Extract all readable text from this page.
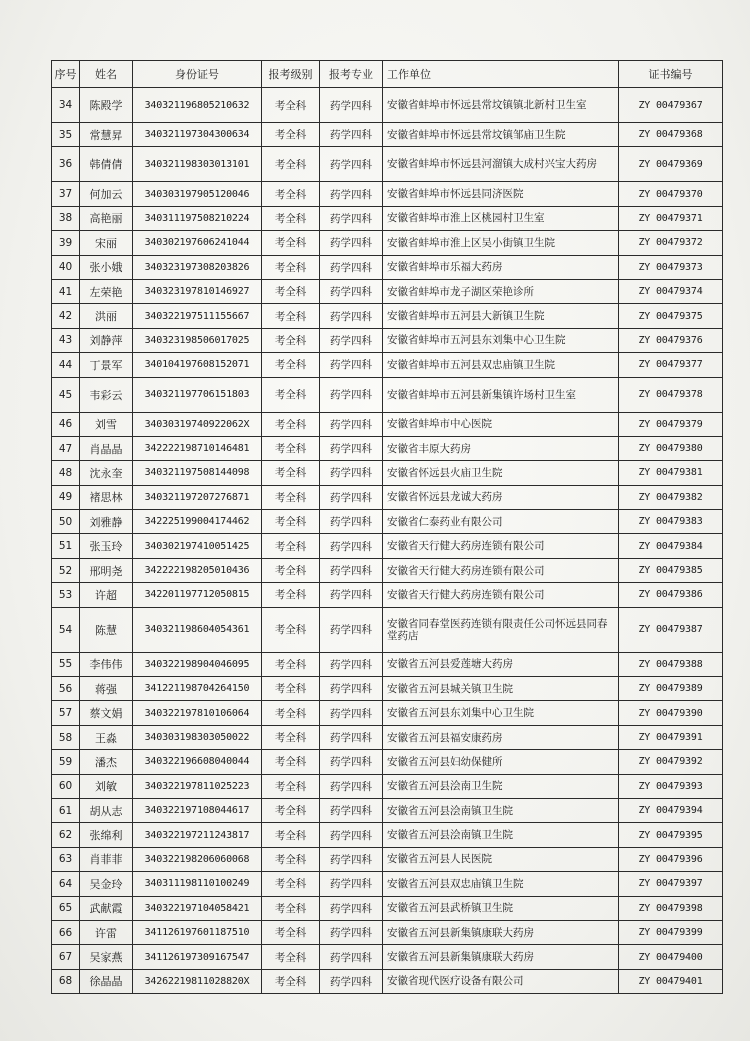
序号	姓名	身份证号	报考级别	报考专业	工作单位	证书编号
34	陈殿学	340321196805210632	考全科	药学四科	安徽省蚌埠市怀远县常坟镇镇北新村卫生室	ZY 00479367
35	常慧昇	340321197304300634	考全科	药学四科	安徽省蚌埠市怀远县常坟镇邹庙卫生院	ZY 00479368
36	韩倩倩	340321198303013101	考全科	药学四科	安徽省蚌埠市怀远县河溜镇大成村兴宝大药房	ZY 00479369
37	何加云	340303197905120046	考全科	药学四科	安徽省蚌埠市怀远县同济医院	ZY 00479370
38	高艳丽	340311197508210224	考全科	药学四科	安徽省蚌埠市淮上区桃园村卫生室	ZY 00479371
39	宋丽	340302197606241044	考全科	药学四科	安徽省蚌埠市淮上区吴小街镇卫生院	ZY 00479372
40	张小娥	340323197308203826	考全科	药学四科	安徽省蚌埠市乐福大药房	ZY 00479373
41	左荣艳	340323197810146927	考全科	药学四科	安徽省蚌埠市龙子湖区荣艳诊所	ZY 00479374
42	洪丽	340322197511155667	考全科	药学四科	安徽省蚌埠市五河县大新镇卫生院	ZY 00479375
43	刘静萍	340323198506017025	考全科	药学四科	安徽省蚌埠市五河县东刘集中心卫生院	ZY 00479376
44	丁景军	340104197608152071	考全科	药学四科	安徽省蚌埠市五河县双忠庙镇卫生院	ZY 00479377
45	韦彩云	340321197706151803	考全科	药学四科	安徽省蚌埠市五河县新集镇许场村卫生室	ZY 00479378
46	刘雪	34030319740922062X	考全科	药学四科	安徽省蚌埠市中心医院	ZY 00479379
47	肖晶晶	342222198710146481	考全科	药学四科	安徽省丰原大药房	ZY 00479380
48	沈永奎	340321197508144098	考全科	药学四科	安徽省怀远县火庙卫生院	ZY 00479381
49	褚思林	340321197207276871	考全科	药学四科	安徽省怀远县龙诚大药房	ZY 00479382
50	刘雅静	342225199004174462	考全科	药学四科	安徽省仁泰药业有限公司	ZY 00479383
51	张玉玲	340302197410051425	考全科	药学四科	安徽省天行健大药房连锁有限公司	ZY 00479384
52	邢明尧	342222198205010436	考全科	药学四科	安徽省天行健大药房连锁有限公司	ZY 00479385
53	许超	342201197712050815	考全科	药学四科	安徽省天行健大药房连锁有限公司	ZY 00479386
54	陈慧	340321198604054361	考全科	药学四科	安徽省同春堂医药连锁有限责任公司怀远县同春堂药店	ZY 00479387
55	李伟伟	340322198904046095	考全科	药学四科	安徽省五河县爱莲塘大药房	ZY 00479388
56	蒋强	341221198704264150	考全科	药学四科	安徽省五河县城关镇卫生院	ZY 00479389
57	蔡文娟	340322197810106064	考全科	药学四科	安徽省五河县东刘集中心卫生院	ZY 00479390
58	王淼	340303198303050022	考全科	药学四科	安徽省五河县福安康药房	ZY 00479391
59	潘杰	340322196608040044	考全科	药学四科	安徽省五河县妇幼保健所	ZY 00479392
60	刘敏	340322197811025223	考全科	药学四科	安徽省五河县浍南卫生院	ZY 00479393
61	胡从志	340322197108044617	考全科	药学四科	安徽省五河县浍南镇卫生院	ZY 00479394
62	张绵利	340322197211243817	考全科	药学四科	安徽省五河县浍南镇卫生院	ZY 00479395
63	肖菲菲	340322198206060068	考全科	药学四科	安徽省五河县人民医院	ZY 00479396
64	吴金玲	340311198110100249	考全科	药学四科	安徽省五河县双忠庙镇卫生院	ZY 00479397
65	武献霞	340322197104058421	考全科	药学四科	安徽省五河县武桥镇卫生院	ZY 00479398
66	许雷	341126197601187510	考全科	药学四科	安徽省五河县新集镇康联大药房	ZY 00479399
67	吴家燕	341126197309167547	考全科	药学四科	安徽省五河县新集镇康联大药房	ZY 00479400
68	徐晶晶	34262219811028820X	考全科	药学四科	安徽省现代医疗设备有限公司	ZY 00479401
